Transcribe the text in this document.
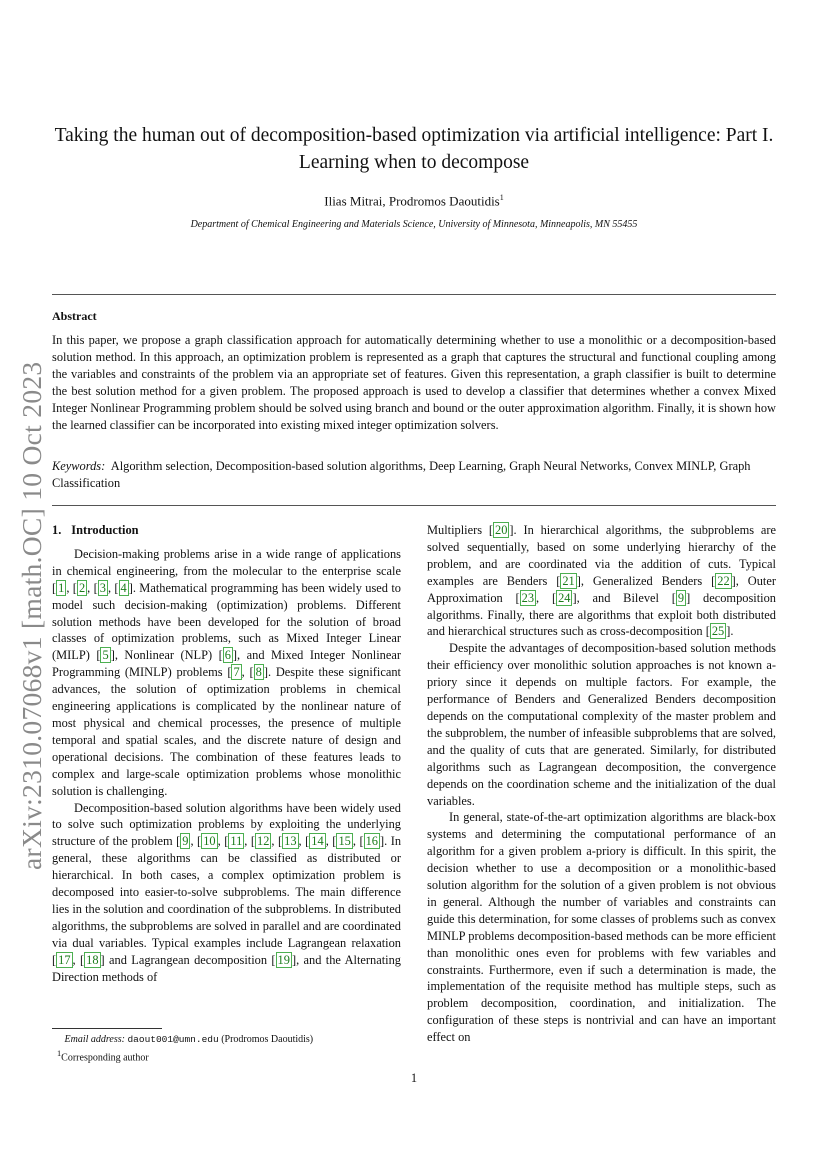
arXiv:2310.07068v1 [math.OC] 10 Oct 2023
Taking the human out of decomposition-based optimization via artificial intelligence: Part I. Learning when to decompose
Ilias Mitrai, Prodromos Daoutidis$^1$
Department of Chemical Engineering and Materials Science, University of Minnesota, Minneapolis, MN 55455
Abstract
In this paper, we propose a graph classification approach for automatically determining whether to use a monolithic or a decomposition-based solution method. In this approach, an optimization problem is represented as a graph that captures the structural and functional coupling among the variables and constraints of the problem via an appropriate set of features. Given this representation, a graph classifier is built to determine the best solution method for a given problem. The proposed approach is used to develop a classifier that determines whether a convex Mixed Integer Nonlinear Programming problem should be solved using branch and bound or the outer approximation algorithm. Finally, it is shown how the learned classifier can be incorporated into existing mixed integer optimization solvers.
Keywords: Algorithm selection, Decomposition-based solution algorithms, Deep Learning, Graph Neural Networks, Convex MINLP, Graph Classification
1. Introduction

Decision-making problems arise in a wide range of applications in chemical engineering, from the molecular to the enterprise scale [ 1 , [ 2 , [ 3 , [ 4 ]. Mathematical programming has been widely used to model such decision-making (optimization) problems. Different solution methods have been developed for the solution of broad classes of optimization problems, such as Mixed Integer Linear (MILP) [ 5 ], Nonlinear (NLP) [ 6 ], and Mixed Integer Nonlinear Programming (MINLP) problems [ 7 , [ 8 ]. Despite these significant advances, the solution of optimization problems in chemical engineering applications is complicated by the nonlinear nature of most physical and chemical processes, the presence of multiple temporal and spatial scales, and the discrete nature of design and operational decisions. The combination of these features leads to complex and large-scale optimization problems whose monolithic solution is challenging.

Decomposition-based solution algorithms have been widely used to solve such optimization problems by exploiting the underlying structure of the problem [ 9 , [ 10 , [ 11 , [ 12 , [ 13 , [ 14 , [ 15 , [ 16 ]. In general, these algorithms can be classified as distributed or hierarchical. In both cases, a complex optimization problem is decomposed into easier-to-solve subproblems. The main difference lies in the solution and coordination of the subproblems. In distributed algorithms, the subproblems are solved in parallel and are coordinated via dual variables. Typical examples include Lagrangean relaxation [ 17 , [ 18 ] and Lagrangean decomposition [ 19 ], and the Alternating Direction methods of

Multipliers [ 20 ]. In hierarchical algorithms, the subproblems are solved sequentially, based on some underlying hierarchy of the problem, and are coordinated via the addition of cuts. Typical examples are Benders [ 21 ], Generalized Benders [ 22 ], Outer Approximation [ 23 , [ 24 ], and Bilevel [ 9 ] decomposition algorithms. Finally, there are algorithms that exploit both distributed and hierarchical structures such as cross-decomposition [ 25 ].

Despite the advantages of decomposition-based solution methods their efficiency over monolithic solution approaches is not known a-priory since it depends on multiple factors. For example, the performance of Benders and Generalized Benders decomposition depends on the computational complexity of the master problem and the subproblem, the number of infeasible subproblems that are solved, and the quality of cuts that are generated. Similarly, for distributed algorithms such as Lagrangean decomposition, the convergence depends on the coordination scheme and the initialization of the dual variables.

In general, state-of-the-art optimization algorithms are black-box systems and determining the computational performance of an algorithm for a given problem a-priory is difficult. In this spirit, the decision whether to use a decomposition or a monolithic-based solution algorithm for the solution of a given problem is not obvious in general. Although the number of variables and constraints can guide this determination, for some classes of problems such as convex MINLP problems decomposition-based methods can be more efficient than monolithic ones even for problems with few variables and constraints. Furthermore, even if such a determination is made, the implementation of the requisite method has multiple steps, such as problem decomposition, coordination, and initialization. The configuration of these steps is nontrivial and can have an important effect on

Email address: daout001@umn.edu (Prodromos Daoutidis)
$^1$Corresponding author
1
